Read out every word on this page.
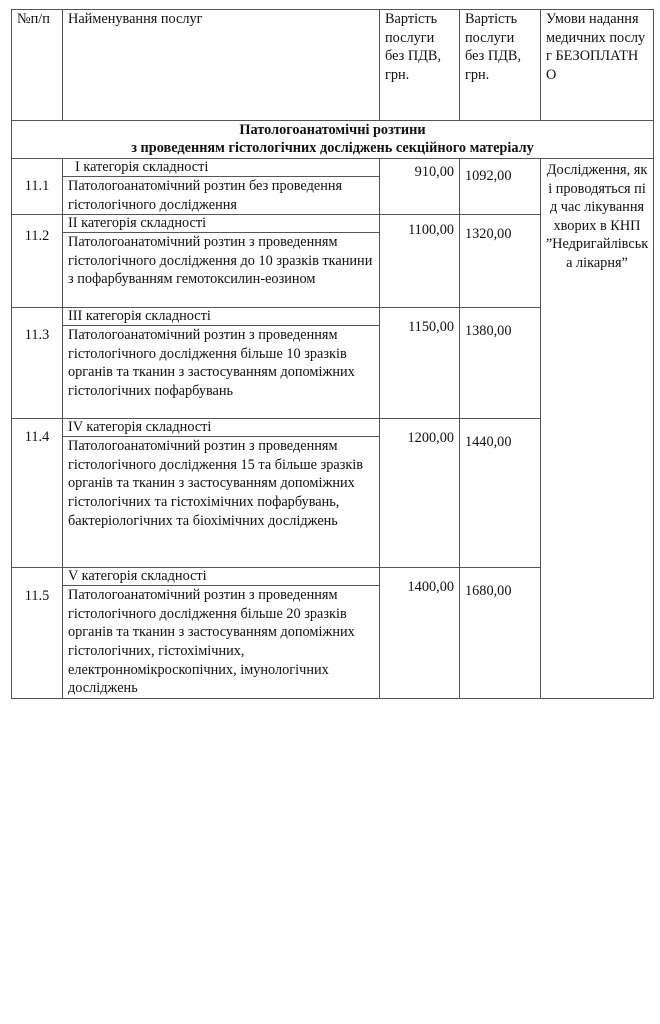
№п/п	Найменування послуг	Вартість послуги без ПДВ, грн.	Вартість послуги без ПДВ, грн.	Умови надання медичних послуг БЕЗОПЛАТНО

Патологоанатомічні розтини
з проведенням гістологічних досліджень секційного матеріалу				

11.1	I категорія складності	910,00	1092,00	Дослідження, які проводяться під час лікування хворих в КНП ”Недригайлівська лікарня”
	Патологоанатомічний розтин без проведення гістологічного дослідження			
11.2	II категорія складності	1100,00	1320,00	
	Патологоанатомічний розтин з проведенням гістологічного дослідження до 10 зразків тканини з пофарбуванням гемотоксилин-еозином			
11.3	III категорія складності	1150,00	1380,00	
	Патологоанатомічний розтин з проведенням гістологічного дослідження більше 10 зразків органів та тканин з застосуванням допоміжних гістологічних пофарбувань			
11.4	IV категорія складності	1200,00	1440,00	
	Патологоанатомічний розтин з проведенням гістологічного дослідження 15 та більше зразків органів та тканин з застосуванням допоміжних гістологічних та гістохімічних пофарбувань, бактеріологічних та біохімічних досліджень			
11.5	V категорія складності	1400,00	1680,00	
	Патологоанатомічний розтин з проведенням гістологічного дослідження більше 20 зразків органів та тканин з застосуванням допоміжних гістологічних, гістохімічних, електронномікроскопічних, імунологічних досліджень			
